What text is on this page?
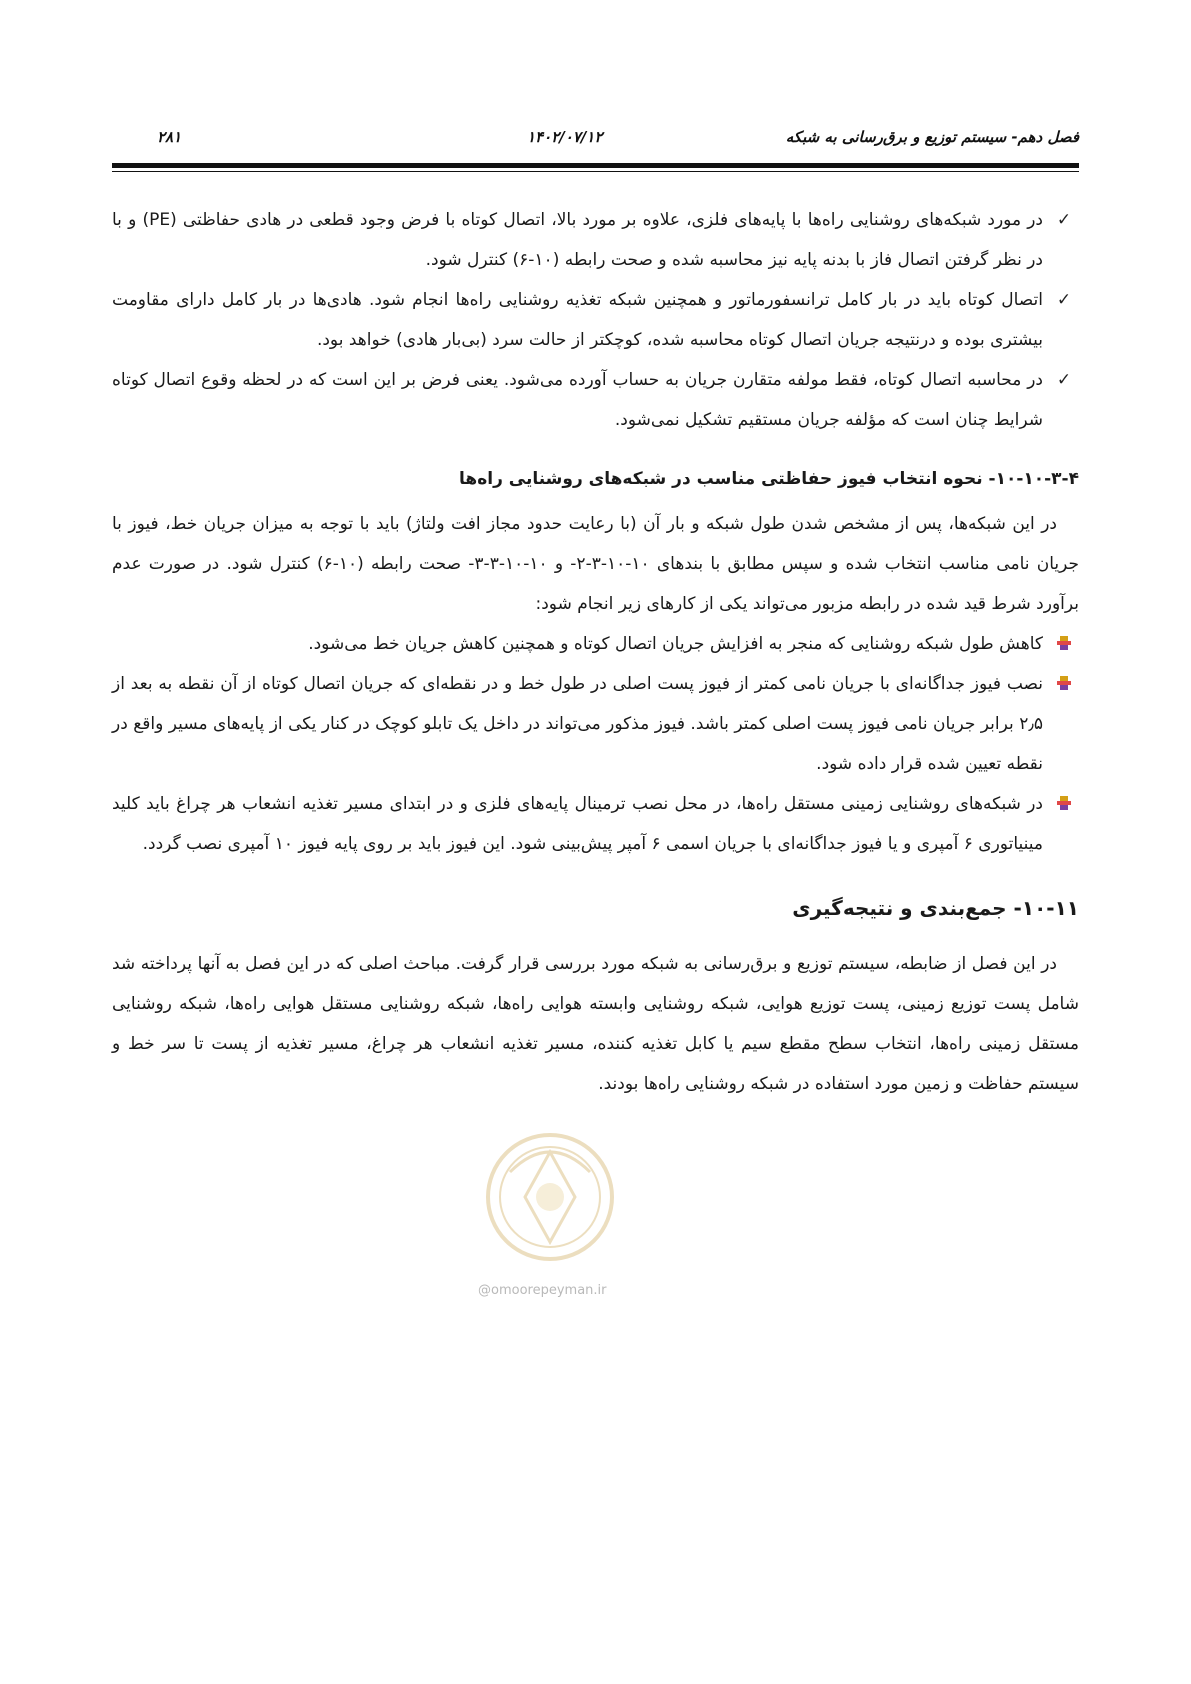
فصل دهم- سیستم توزیع و برق‌رسانی به شبکه
۱۴۰۲/۰۷/۱۲
۲۸۱
✓

در مورد شبکه‌های روشنایی راه‌ها با پایه‌های فلزی، علاوه بر مورد بالا، اتصال کوتاه با فرض وجود قطعی در هادی حفاظتی (PE) و با در نظر گرفتن اتصال فاز با بدنه پایه نیز محاسبه شده و صحت رابطه (۱۰-۶) کنترل شود.

✓

اتصال کوتاه باید در بار کامل ترانسفورماتور و همچنین شبکه تغذیه روشنایی راه‌ها انجام شود. هادی‌ها در بار کامل دارای مقاومت بیشتری بوده و درنتیجه جریان اتصال کوتاه محاسبه شده، کوچکتر از حالت سرد (بی‌بار هادی) خواهد بود.

✓

در محاسبه اتصال کوتاه، فقط مولفه متقارن جریان به حساب آورده می‌شود. یعنی فرض بر این است که در لحظه وقوع اتصال کوتاه شرایط چنان است که مؤلفه جریان مستقیم تشکیل نمی‌شود.

۱۰-۱۰-۳-۴- نحوه انتخاب فیوز حفاظتی مناسب در شبکه‌های روشنایی راه‌ها

در این شبکه‌ها، پس از مشخص شدن طول شبکه و بار آن (با رعایت حدود مجاز افت ولتاژ) باید با توجه به میزان جریان خط، فیوز با جریان نامی مناسب انتخاب شده و سپس مطابق با بندهای ۱۰-۱۰-۳-۲- و ۱۰-۱۰-۳-۳- صحت رابطه (۱۰-۶) کنترل شود. در صورت عدم برآورد شرط قید شده در رابطه مزبور می‌تواند یکی از کارهای زیر انجام شود:

کاهش طول شبکه روشنایی که منجر به افزایش جریان اتصال کوتاه و همچنین کاهش جریان خط می‌شود.

نصب فیوز جداگانه‌ای با جریان نامی کمتر از فیوز پست اصلی در طول خط و در نقطه‌ای که جریان اتصال کوتاه از آن نقطه به بعد از ۲٫۵ برابر جریان نامی فیوز پست اصلی کمتر باشد. فیوز مذکور می‌تواند در داخل یک تابلو کوچک در کنار یکی از پایه‌های مسیر واقع در نقطه تعیین شده قرار داده شود.

در شبکه‌های روشنایی زمینی مستقل راه‌ها، در محل نصب ترمینال پایه‌های فلزی و در ابتدای مسیر تغذیه انشعاب هر چراغ باید کلید مینیاتوری ۶ آمپری و یا فیوز جداگانه‌ای با جریان اسمی ۶ آمپر پیش‌بینی شود. این فیوز باید بر روی پایه فیوز ۱۰ آمپری نصب گردد.

۱۰-۱۱- جمع‌بندی و نتیجه‌گیری

در این فصل از ضابطه، سیستم توزیع و برق‌رسانی به شبکه مورد بررسی قرار گرفت. مباحث اصلی که در این فصل به آنها پرداخته شد شامل پست توزیع زمینی، پست توزیع هوایی، شبکه روشنایی وابسته هوایی راه‌ها، شبکه روشنایی مستقل هوایی راه‌ها، شبکه روشنایی مستقل زمینی راه‌ها، انتخاب سطح مقطع سیم یا کابل تغذیه کننده، مسیر تغذیه انشعاب هر چراغ، مسیر تغذیه از پست تا سر خط و سیستم حفاظت و زمین مورد استفاده در شبکه روشنایی راه‌ها بودند.

@omoorepeyman.ir
